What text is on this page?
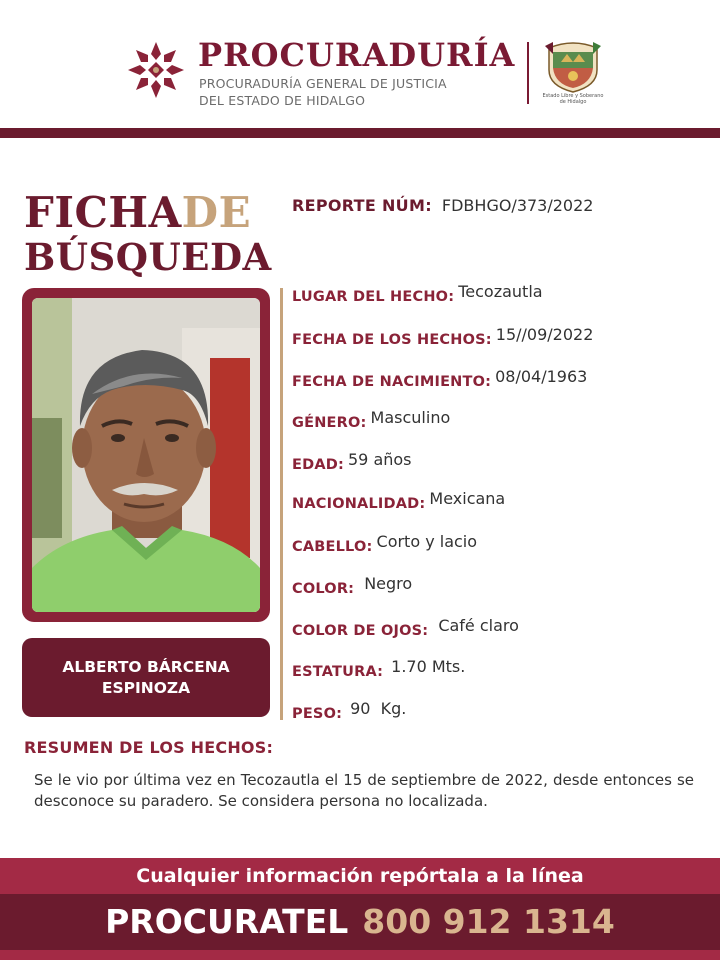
PROCURADURÍA
PROCURADURÍA GENERAL DE JUSTICIA
DEL ESTADO DE HIDALGO	Estado Libre y Soberano de Hidalgo
FICHADE
BÚSQUEDA
ALBERTO BÁRCENA
ESPINOZA
REPORTE NÚM: FDBHGO/373/2022
LUGAR DEL HECHO: Tecozautla
FECHA DE LOS HECHOS: 15//09/2022
FECHA DE NACIMIENTO: 08/04/1963
GÉNERO: Masculino
EDAD: 59 años
NACIONALIDAD: Mexicana
CABELLO: Corto y lacio
COLOR: Negro
COLOR DE OJOS: Café claro
ESTATURA: 1.70 Mts.
PESO: 90  Kg.
RESUMEN DE LOS HECHOS:
Se le vio por última vez en Tecozautla el 15 de septiembre de 2022, desde entonces se desconoce su paradero. Se considera persona no localizada.
Cualquier información repórtala a la línea
PROCURATEL 800 912 1314
